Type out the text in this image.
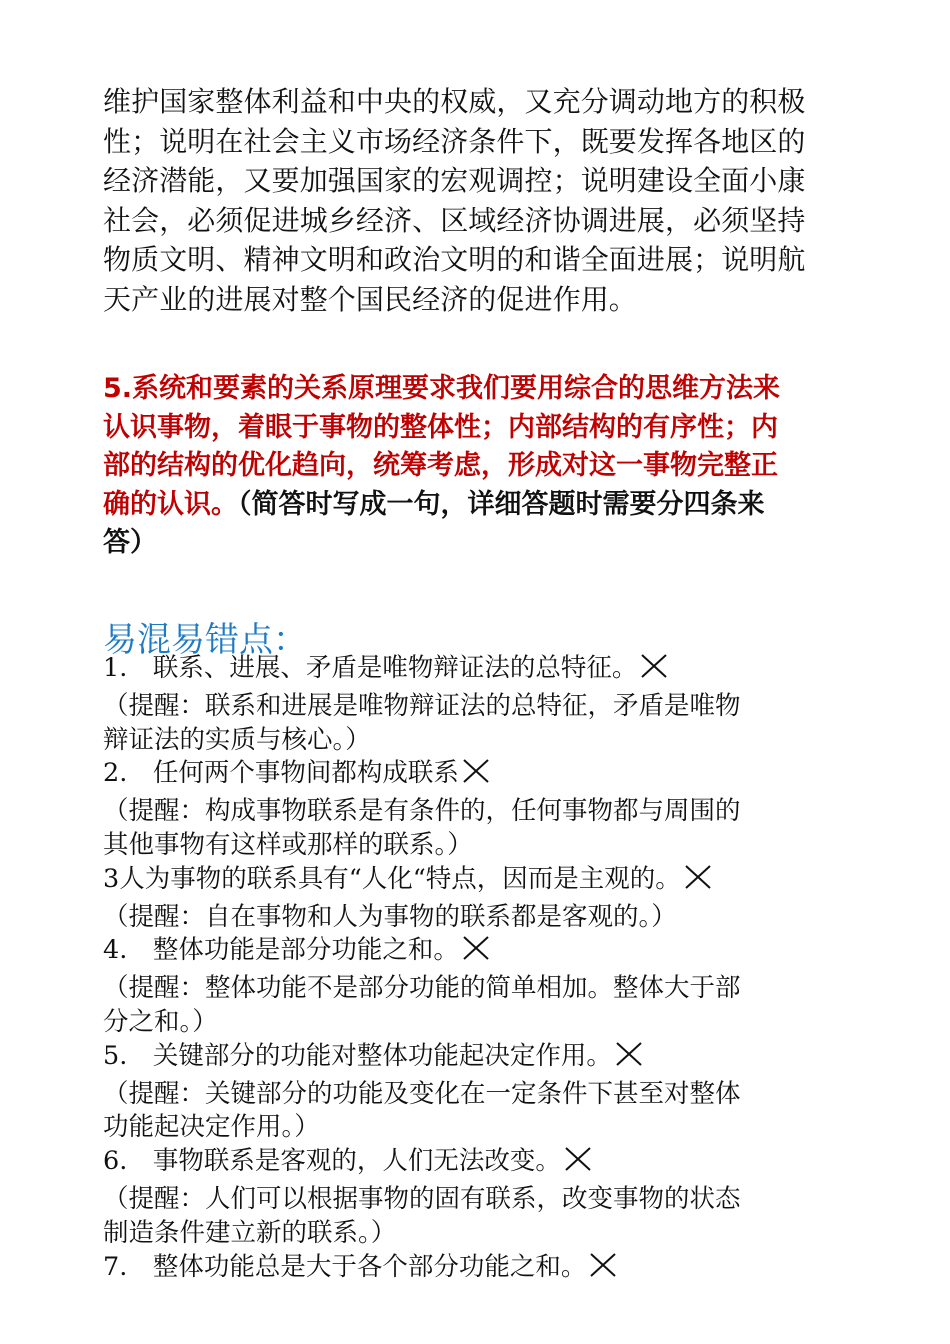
维护国家整体利益和中央的权威，又充分调动地方的积极
性；说明在社会主义市场经济条件下，既要发挥各地区的
经济潜能，又要加强国家的宏观调控；说明建设全面小康
社会，必须促进城乡经济、区域经济协调进展，必须坚持
物质文明、精神文明和政治文明的和谐全面进展；说明航
天产业的进展对整个国民经济的促进作用。
5.系统和要素的关系原理要求我们要用综合的思维方法来
认识事物，着眼于事物的整体性；内部结构的有序性；内
部的结构的优化趋向，统筹考虑，形成对这一事物完整正
确的认识。（简答时写成一句，详细答题时需要分四条来
答）
易混易错点：
1.　联系、进展、矛盾是唯物辩证法的总特征。
（提醒：联系和进展是唯物辩证法的总特征，矛盾是唯物
辩证法的实质与核心。）
2.　任何两个事物间都构成联系
（提醒：构成事物联系是有条件的，任何事物都与周围的
其他事物有这样或那样的联系。）
3人为事物的联系具有“人化“特点，因而是主观的。
（提醒：自在事物和人为事物的联系都是客观的。）
4.　整体功能是部分功能之和。
（提醒：整体功能不是部分功能的简单相加。整体大于部
分之和。）
5.　关键部分的功能对整体功能起决定作用。
（提醒：关键部分的功能及变化在一定条件下甚至对整体
功能起决定作用。）
6.　事物联系是客观的，人们无法改变。
（提醒：人们可以根据事物的固有联系，改变事物的状态
制造条件建立新的联系。）
7.　整体功能总是大于各个部分功能之和。
